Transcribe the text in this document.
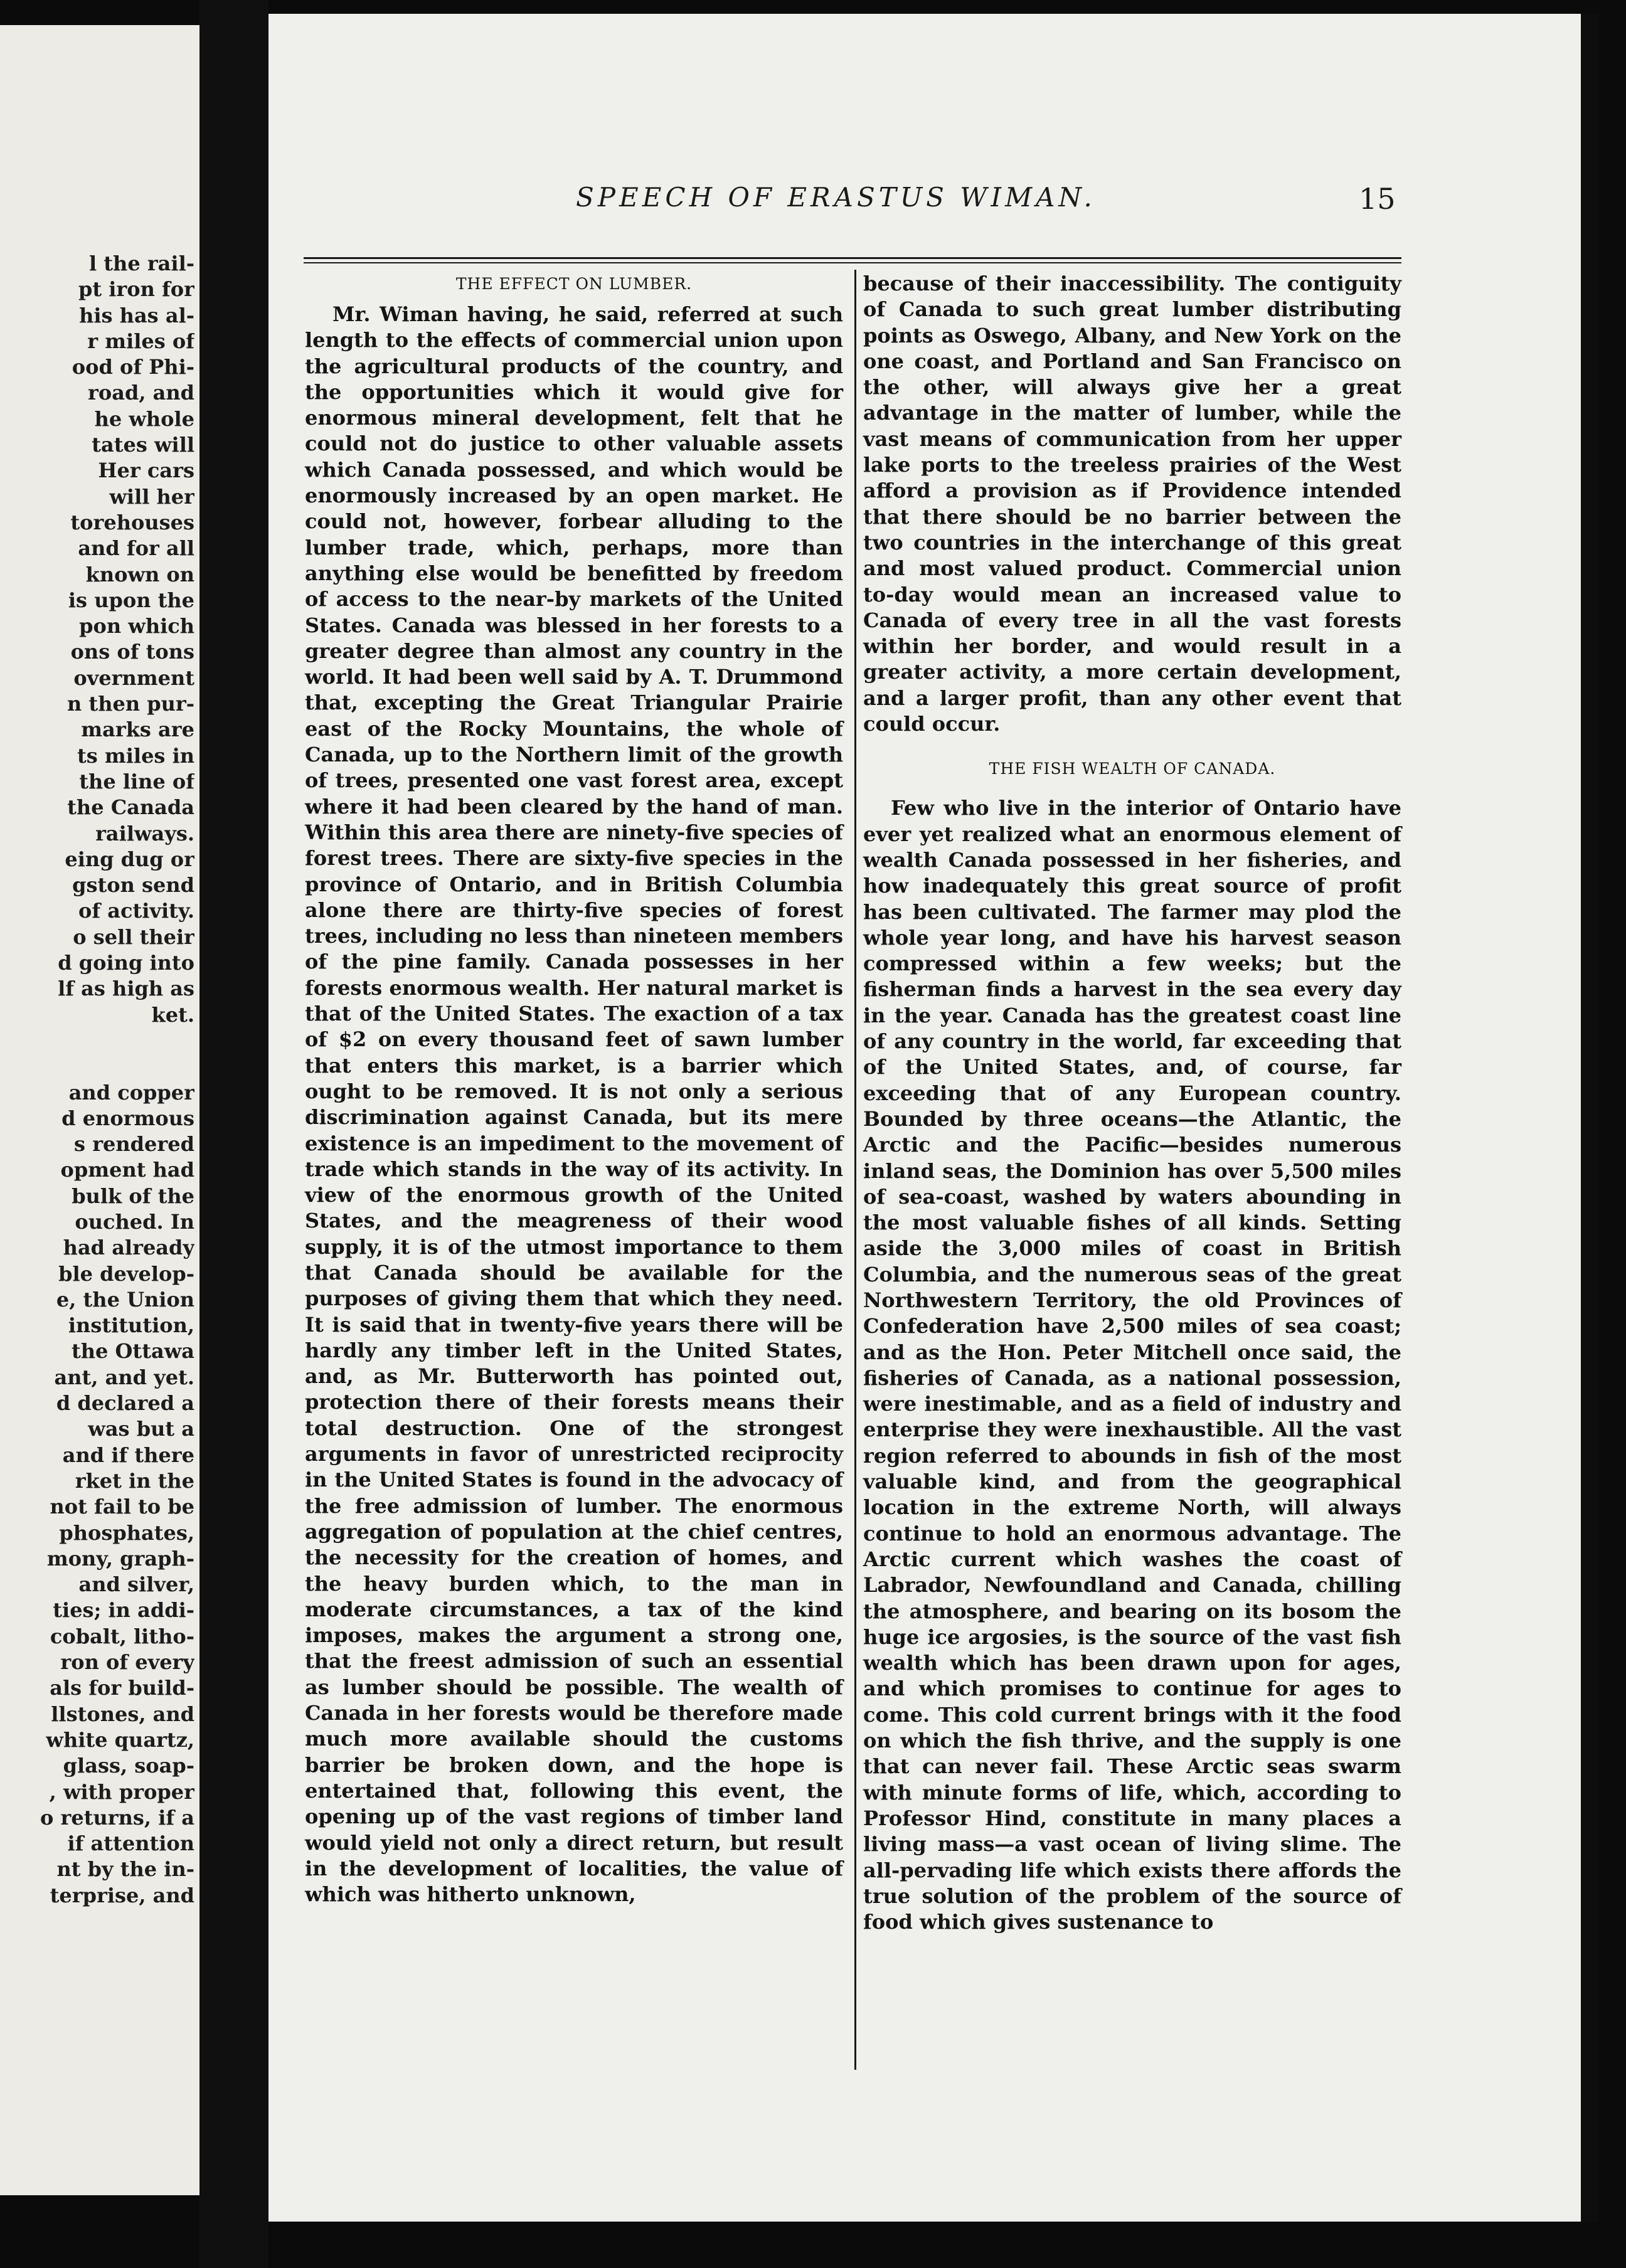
l the rail-
pt iron for
his has al-
r miles of
ood of Phi-
road, and
he whole
tates will
Her cars
will her
torehouses
and for all
known on
is upon the
pon which
ons of tons
overnment
n then pur-
marks are
ts miles in
the line of
the Canada
railways.
eing dug or
gston send
of activity.
o sell their
d going into
lf as high as
ket.
and copper
d enormous
s rendered
opment had
bulk of the
ouched. In
had already
ble develop-
e, the Union
institution,
the Ottawa
ant, and yet.
d declared a
was but a
and if there
rket in the
not fail to be
phosphates,
mony, graph-
and silver,
ties; in addi-
cobalt, litho-
ron of every
als for build-
llstones, and
white quartz,
glass, soap-
, with proper
o returns, if a
if attention
nt by the in-
terprise, and
SPEECH OF ERASTUS WIMAN.	15
THE EFFECT ON LUMBER.

Mr. Wiman having, he said, referred at such length to the effects of commercial union upon the agricultural products of the country, and the opportunities which it would give for enormous mineral development, felt that he could not do justice to other valuable assets which Canada possessed, and which would be enormously increased by an open market. He could not, however, forbear alluding to the lumber trade, which, perhaps, more than anything else would be benefitted by freedom of access to the near-by markets of the United States. Canada was blessed in her forests to a greater degree than almost any country in the world. It had been well said by A. T. Drummond that, excepting the Great Triangular Prairie east of the Rocky Mountains, the whole of Canada, up to the Northern limit of the growth of trees, presented one vast forest area, except where it had been cleared by the hand of man. Within this area there are ninety-five species of forest trees. There are sixty-five species in the province of Ontario, and in British Columbia alone there are thirty-five species of forest trees, including no less than nineteen members of the pine family. Canada possesses in her forests enormous wealth. Her natural market is that of the United States. The exaction of a tax of $2 on every thousand feet of sawn lumber that enters this market, is a barrier which ought to be removed. It is not only a serious discrimination against Canada, but its mere existence is an impediment to the movement of trade which stands in the way of its activity. In view of the enormous growth of the United States, and the meagreness of their wood supply, it is of the utmost importance to them that Canada should be available for the purposes of giving them that which they need. It is said that in twenty-five years there will be hardly any timber left in the United States, and, as Mr. Butterworth has pointed out, protection there of their forests means their total destruction. One of the strongest arguments in favor of unrestricted reciprocity in the United States is found in the advocacy of the free admission of lumber. The enormous aggregation of population at the chief centres, the necessity for the creation of homes, and the heavy burden which, to the man in moderate circumstances, a tax of the kind imposes, makes the argument a strong one, that the freest admission of such an essential as lumber should be possible. The wealth of Canada in her forests would be therefore made much more available should the customs barrier be broken down, and the hope is entertained that, following this event, the opening up of the vast regions of timber land would yield not only a direct return, but result in the development of localities, the value of which was hitherto unknown,

because of their inaccessibility. The contiguity of Canada to such great lumber distributing points as Oswego, Albany, and New York on the one coast, and Portland and San Francisco on the other, will always give her a great advantage in the matter of lumber, while the vast means of communication from her upper lake ports to the treeless prairies of the West afford a provision as if Providence intended that there should be no barrier between the two countries in the interchange of this great and most valued product. Commercial union to-day would mean an increased value to Canada of every tree in all the vast forests within her border, and would result in a greater activity, a more certain development, and a larger profit, than any other event that could occur.

THE FISH WEALTH OF CANADA.

Few who live in the interior of Ontario have ever yet realized what an enormous element of wealth Canada possessed in her fisheries, and how inadequately this great source of profit has been cultivated. The farmer may plod the whole year long, and have his harvest season compressed within a few weeks; but the fisherman finds a harvest in the sea every day in the year. Canada has the greatest coast line of any country in the world, far exceeding that of the United States, and, of course, far exceeding that of any European country. Bounded by three oceans—the Atlantic, the Arctic and the Pacific—besides numerous inland seas, the Dominion has over 5,500 miles of sea-coast, washed by waters abounding in the most valuable fishes of all kinds. Setting aside the 3,000 miles of coast in British Columbia, and the numerous seas of the great Northwestern Territory, the old Provinces of Confederation have 2,500 miles of sea coast; and as the Hon. Peter Mitchell once said, the fisheries of Canada, as a national possession, were inestimable, and as a field of industry and enterprise they were inexhaustible. All the vast region referred to abounds in fish of the most valuable kind, and from the geographical location in the extreme North, will always continue to hold an enormous advantage. The Arctic current which washes the coast of Labrador, Newfoundland and Canada, chilling the atmosphere, and bearing on its bosom the huge ice argosies, is the source of the vast fish wealth which has been drawn upon for ages, and which promises to continue for ages to come. This cold current brings with it the food on which the fish thrive, and the supply is one that can never fail. These Arctic seas swarm with minute forms of life, which, according to Professor Hind, constitute in many places a living mass—a vast ocean of living slime. The all-pervading life which exists there affords the true solution of the problem of the source of food which gives sustenance to
